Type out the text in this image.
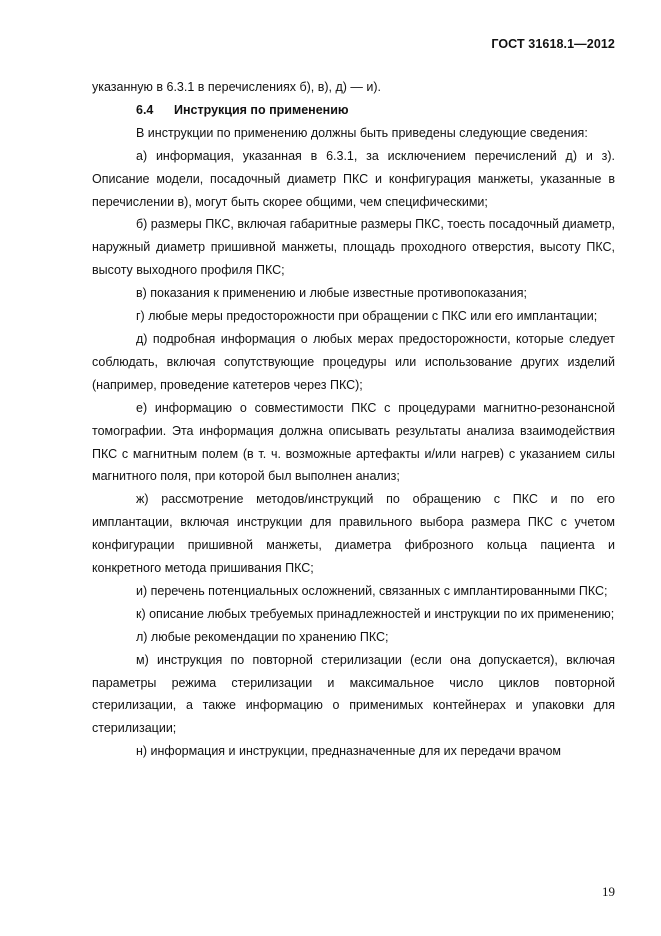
ГОСТ 31618.1—2012

указанную в 6.3.1 в перечислениях б), в), д) — и).

6.4 Инструкция по применению

В инструкции по применению должны быть приведены следующие сведения:

а) информация, указанная в 6.3.1, за исключением перечислений д) и з). Описание модели, посадочный диаметр ПКС и конфигурация манжеты, указанные в перечислении в), могут быть скорее общими, чем специфическими;

б) размеры ПКС, включая габаритные размеры ПКС, тоесть посадочный диаметр, наружный диаметр пришивной манжеты, площадь проходного отверстия, высоту ПКС, высоту выходного профиля ПКС;

в) показания к применению и любые известные противопоказания;

г) любые меры предосторожности при обращении с ПКС или его имплантации;

д) подробная информация о любых мерах предосторожности, которые следует соблюдать, включая сопутствующие процедуры или использование других изделий (например, проведение катетеров через ПКС);

е) информацию о совместимости ПКС с процедурами магнитно-резонансной томографии. Эта информация должна описывать результаты анализа взаимодействия ПКС с магнитным полем (в т. ч. возможные артефакты и/или нагрев) с указанием силы магнитного поля, при которой был выполнен анализ;

ж) рассмотрение методов/инструкций по обращению с ПКС и по его имплантации, включая инструкции для правильного выбора размера ПКС с учетом конфигурации пришивной манжеты, диаметра фиброзного кольца пациента и конкретного метода пришивания ПКС;

и) перечень потенциальных осложнений, связанных с имплантированными ПКС;

к) описание любых требуемых принадлежностей и инструкции по их применению;

л) любые рекомендации по хранению ПКС;

м) инструкция по повторной стерилизации (если она допускается), включая параметры режима стерилизации и максимальное число циклов повторной стерилизации, а также информацию о применимых контейнерах и упаковки для стерилизации;

н) информация и инструкции, предназначенные для их передачи врачом

19
